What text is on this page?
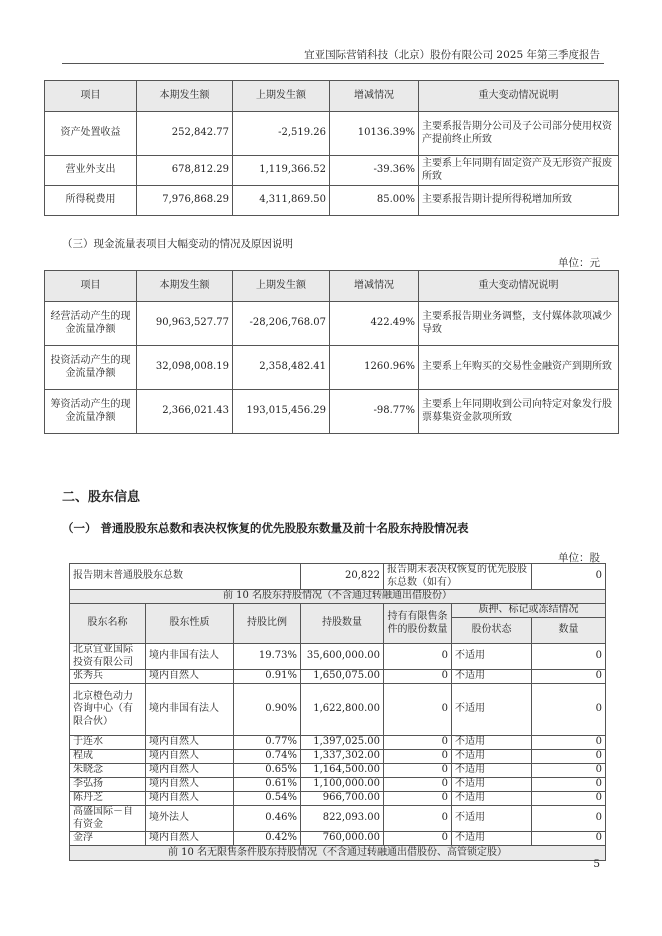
宜亚国际营销科技（北京）股份有限公司 2025 年第三季度报告
项目	本期发生额	上期发生额	增减情况	重大变动情况说明
资产处置收益	252,842.77	-2,519.26	10136.39%	主要系报告期分公司及子公司部分使用权资产提前终止所致
营业外支出	678,812.29	1,119,366.52	-39.36%	主要系上年同期有固定资产及无形资产报废所致
所得税费用	7,976,868.29	4,311,869.50	85.00%	主要系报告期计提所得税增加所致
（三）现金流量表项目大幅变动的情况及原因说明
单位：元
项目	本期发生额	上期发生额	增减情况	重大变动情况说明
经营活动产生的现金流量净额	90,963,527.77	-28,206,768.07	422.49%	主要系报告期业务调整，支付媒体款项减少导致
投资活动产生的现金流量净额	32,098,008.19	2,358,482.41	1260.96%	主要系上年购买的交易性金融资产到期所致
筹资活动产生的现金流量净额	2,366,021.43	193,015,456.29	-98.77%	主要系上年同期收到公司向特定对象发行股票募集资金款项所致
二、股东信息
（一） 普通股股东总数和表决权恢复的优先股股东数量及前十名股东持股情况表
单位：股
报告期末普通股股东总数			20,822	报告期末表决权恢复的优先股股东总数（如有）		0
前 10 名股东持股情况（不含通过转融通出借股份）						
股东名称	股东性质	持股比例	持股数量	持有有限售条件的股份数量	质押、标记或冻结情况	
					股份状态	数量
北京宜亚国际投资有限公司	境内非国有法人	19.73%	35,600,000.00	0	不适用	0
张秀兵	境内自然人	0.91%	1,650,075.00	0	不适用	0
北京橙色动力咨询中心（有限合伙）	境内非国有法人	0.90%	1,622,800.00	0	不适用	0
于连水	境内自然人	0.77%	1,397,025.00	0	不适用	0
程成	境内自然人	0.74%	1,337,302.00	0	不适用	0
朱晓念	境内自然人	0.65%	1,164,500.00	0	不适用	0
李弘扬	境内自然人	0.61%	1,100,000.00	0	不适用	0
陈丹芝	境内自然人	0.54%	966,700.00	0	不适用	0
高盛国际－自有资金	境外法人	0.46%	822,093.00	0	不适用	0
金浮	境内自然人	0.42%	760,000.00	0	不适用	0
前 10 名无限售条件股东持股情况（不含通过转融通出借股份、高管锁定股）						
5
